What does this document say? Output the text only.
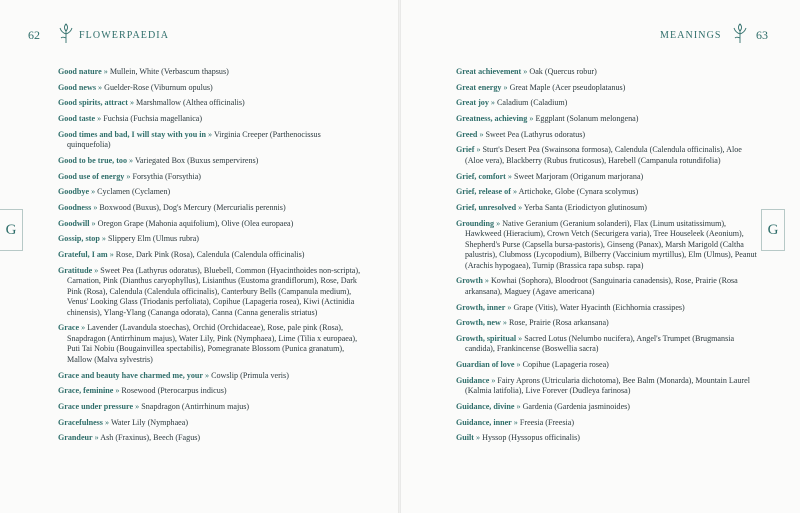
62	FLOWERPAEDIA
G
Good nature » Mullein, White (Verbascum thapsus)
Good news » Guelder-Rose (Viburnum opulus)
Good spirits, attract » Marshmallow (Althea officinalis)
Good taste » Fuchsia (Fuchsia magellanica)
Good times and bad, I will stay with you in » Virginia Creeper (Parthenocissus quinquefolia)
Good to be true, too » Variegated Box (Buxus sempervirens)
Good use of energy » Forsythia (Forsythia)
Goodbye » Cyclamen (Cyclamen)
Goodness » Boxwood (Buxus), Dog's Mercury (Mercurialis perennis)
Goodwill » Oregon Grape (Mahonia aquifolium), Olive (Olea europaea)
Gossip, stop » Slippery Elm (Ulmus rubra)
Grateful, I am » Rose, Dark Pink (Rosa), Calendula (Calendula officinalis)
Gratitude » Sweet Pea (Lathyrus odoratus), Bluebell, Common (Hyacinthoides non-scripta), Carnation, Pink (Dianthus caryophyllus), Lisianthus (Eustoma grandiflorum), Rose, Dark Pink (Rosa), Calendula (Calendula officinalis), Canterbury Bells (Campanula medium), Venus' Looking Glass (Triodanis perfoliata), Copihue (Lapageria rosea), Kiwi (Actinidia chinensis), Ylang-Ylang (Cananga odorata), Canna (Canna generalis striatus)
Grace » Lavender (Lavandula stoechas), Orchid (Orchidaceae), Rose, pale pink (Rosa), Snapdragon (Antirrhinum majus), Water Lily, Pink (Nymphaea), Lime (Tilia x europaea), Puti Tai Nobiu (Bougainvillea spectabilis), Pomegranate Blossom (Punica granatum), Mallow (Malva sylvestris)
Grace and beauty have charmed me, your » Cowslip (Primula veris)
Grace, feminine » Rosewood (Pterocarpus indicus)
Grace under pressure » Snapdragon (Antirrhinum majus)
Gracefulness » Water Lily (Nymphaea)
Grandeur » Ash (Fraxinus), Beech (Fagus)
MEANINGS	63
G
Great achievement » Oak (Quercus robur)
Great energy » Great Maple (Acer pseudoplatanus)
Great joy » Caladium (Caladium)
Greatness, achieving » Eggplant (Solanum melongena)
Greed » Sweet Pea (Lathyrus odoratus)
Grief » Sturt's Desert Pea (Swainsona formosa), Calendula (Calendula officinalis), Aloe (Aloe vera), Blackberry (Rubus fruticosus), Harebell (Campanula rotundifolia)
Grief, comfort » Sweet Marjoram (Origanum marjorana)
Grief, release of » Artichoke, Globe (Cynara scolymus)
Grief, unresolved » Yerba Santa (Eriodictyon glutinosum)
Grounding » Native Geranium (Geranium solanderi), Flax (Linum usitatissimum), Hawkweed (Hieracium), Crown Vetch (Securigera varia), Tree Houseleek (Aeonium), Shepherd's Purse (Capsella bursa-pastoris), Ginseng (Panax), Marsh Marigold (Caltha palustris), Clubmoss (Lycopodium), Bilberry (Vaccinium myrtillus), Elm (Ulmus), Peanut (Arachis hypogaea), Turnip (Brassica rapa subsp. rapa)
Growth » Kowhai (Sophora), Bloodroot (Sanguinaria canadensis), Rose, Prairie (Rosa arkansana), Maguey (Agave americana)
Growth, inner » Grape (Vitis), Water Hyacinth (Eichhornia crassipes)
Growth, new » Rose, Prairie (Rosa arkansana)
Growth, spiritual » Sacred Lotus (Nelumbo nucifera), Angel's Trumpet (Brugmansia candida), Frankincense (Boswellia sacra)
Guardian of love » Copihue (Lapageria rosea)
Guidance » Fairy Aprons (Utricularia dichotoma), Bee Balm (Monarda), Mountain Laurel (Kalmia latifolia), Live Forever (Dudleya farinosa)
Guidance, divine » Gardenia (Gardenia jasminoides)
Guidance, inner » Freesia (Freesia)
Guilt » Hyssop (Hyssopus officinalis)
